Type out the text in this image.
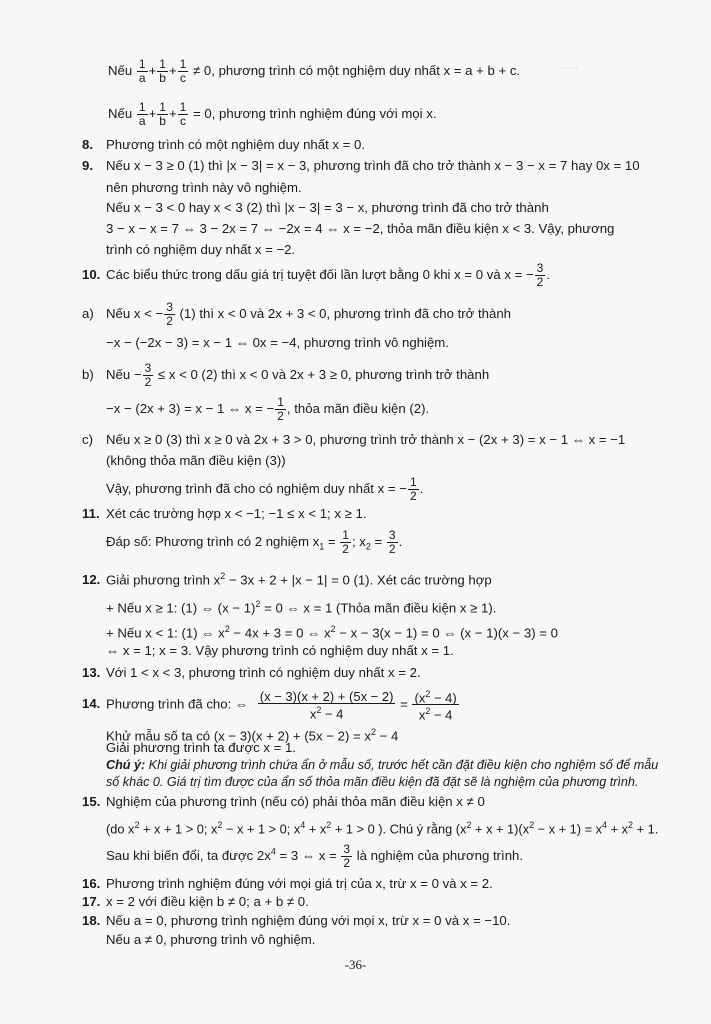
·····
Nếu $\frac{1}{a} + \frac{1}{b} + \frac{1}{c} \ne 0$, phương trình có một nghiệm duy nhất x = a + b + c.
Nếu $\frac{1}{a} + \frac{1}{b} + \frac{1}{c} = 0$, phương trình nghiệm đúng với mọi x.
8. Phương trình có một nghiệm duy nhất x = 0.
9. Nếu x − 3 ≥ 0 (1) thì |x − 3| = x − 3, phương trình đã cho trở thành x − 3 − x = 7 hay 0x = 10
nên phương trình này vô nghiệm.
Nếu x − 3 < 0 hay x < 3 (2) thì |x − 3| = 3 − x, phương trình đã cho trở thành
3 − x − x = 7 ⇔ 3 − 2x = 7 ⇔ −2x = 4 ⇔ x = −2, thỏa mãn điều kiện x < 3. Vậy, phương
trình có nghiệm duy nhất x = −2.
10. Các biểu thức trong dấu giá trị tuyệt đối lần lượt bằng 0 khi x = 0 và x = − $\frac{3}{2}$ .
a) Nếu x < − $\frac{3}{2} (1)$ thì x < 0 và 2x + 3 < 0, phương trình đã cho trở thành
−x − (−2x − 3) = x − 1 ⇔ 0x = −4, phương trình vô nghiệm.
b) Nếu − $\frac{3}{2} \le x < 0$ (2) thì x < 0 và 2x + 3 ≥ 0, phương trình trở thành
−x − (2x + 3) = x − 1 ⇔ x = − $\frac{1}{2}$ , thỏa mãn điều kiện (2).
c) Nếu x ≥ 0 (3) thì x ≥ 0 và 2x + 3 > 0, phương trình trở thành x − (2x + 3) = x − 1 ⇔ x = −1
(không thỏa mãn điều kiện (3))
Vậy, phương trình đã cho có nghiệm duy nhất x = − $\frac{1}{2}$ .
11. Xét các trường hợp x < −1; −1 ≤ x < 1; x ≥ 1.
Đáp số: Phương trình có 2 nghiệm $x_1 = \frac{1}{2}$ ; $x_2 = \frac{3}{2}$ .
12. Giải phương trình $x^2 - 3x + 2 + |x - 1| = 0$ (1). Xét các trường hợp
+ Nếu x ≥ 1: (1) ⇔ $(x - 1)^2 = 0$ ⇔ x = 1 (Thỏa mãn điều kiện x ≥ 1).
+ Nếu x < 1: (1) ⇔ $x^2 - 4x + 3 = 0$ ⇔ $x^2 - x - 3(x - 1) = 0$ ⇔ (x − 1)(x − 3) = 0
⇔ x = 1; x = 3. Vậy phương trình có nghiệm duy nhất x = 1.
13. Với 1 < x < 3, phương trình có nghiệm duy nhất x = 2.
14. Phương trình đã cho: ⇔ $\frac{(x - 3)(x + 2) + (5x - 2)}{x^2 - 4} = \frac{(x^2 - 4)}{x^2 - 4}$
Khử mẫu số ta có $(x - 3)(x + 2) + (5x - 2) = x^2 - 4$
Giải phương trình ta được x = 1.
Chú ý: Khi giải phương trình chứa ẩn ở mẫu số, trước hết cần đặt điều kiện cho nghiệm số để mẫu
số khác 0. Giá trị tìm được của ẩn số thỏa mãn điều kiện đã đặt sẽ là nghiệm của phương trình.
15. Nghiệm của phương trình (nếu có) phải thỏa mãn điều kiện x ≠ 0
(do $x^2 + x + 1 > 0$; $x^2 - x + 1 > 0$; $x^4 + x^2 + 1 > 0$ ). Chú ý rằng $(x^2 + x + 1)(x^2 - x + 1) = x^4 + x^2 + 1$.
Sau khi biến đổi, ta được $2x^4 = 3$ ⇔ $x = \frac{3}{2}$ là nghiệm của phương trình.
16. Phương trình nghiệm đúng với mọi giá trị của x, trừ x = 0 và x = 2.
17. x = 2 với điều kiện b ≠ 0; a + b ≠ 0.
18. Nếu a = 0, phương trình nghiệm đúng với mọi x, trừ x = 0 và x = −10.
Nếu a ≠ 0, phương trình vô nghiệm.
-36-
